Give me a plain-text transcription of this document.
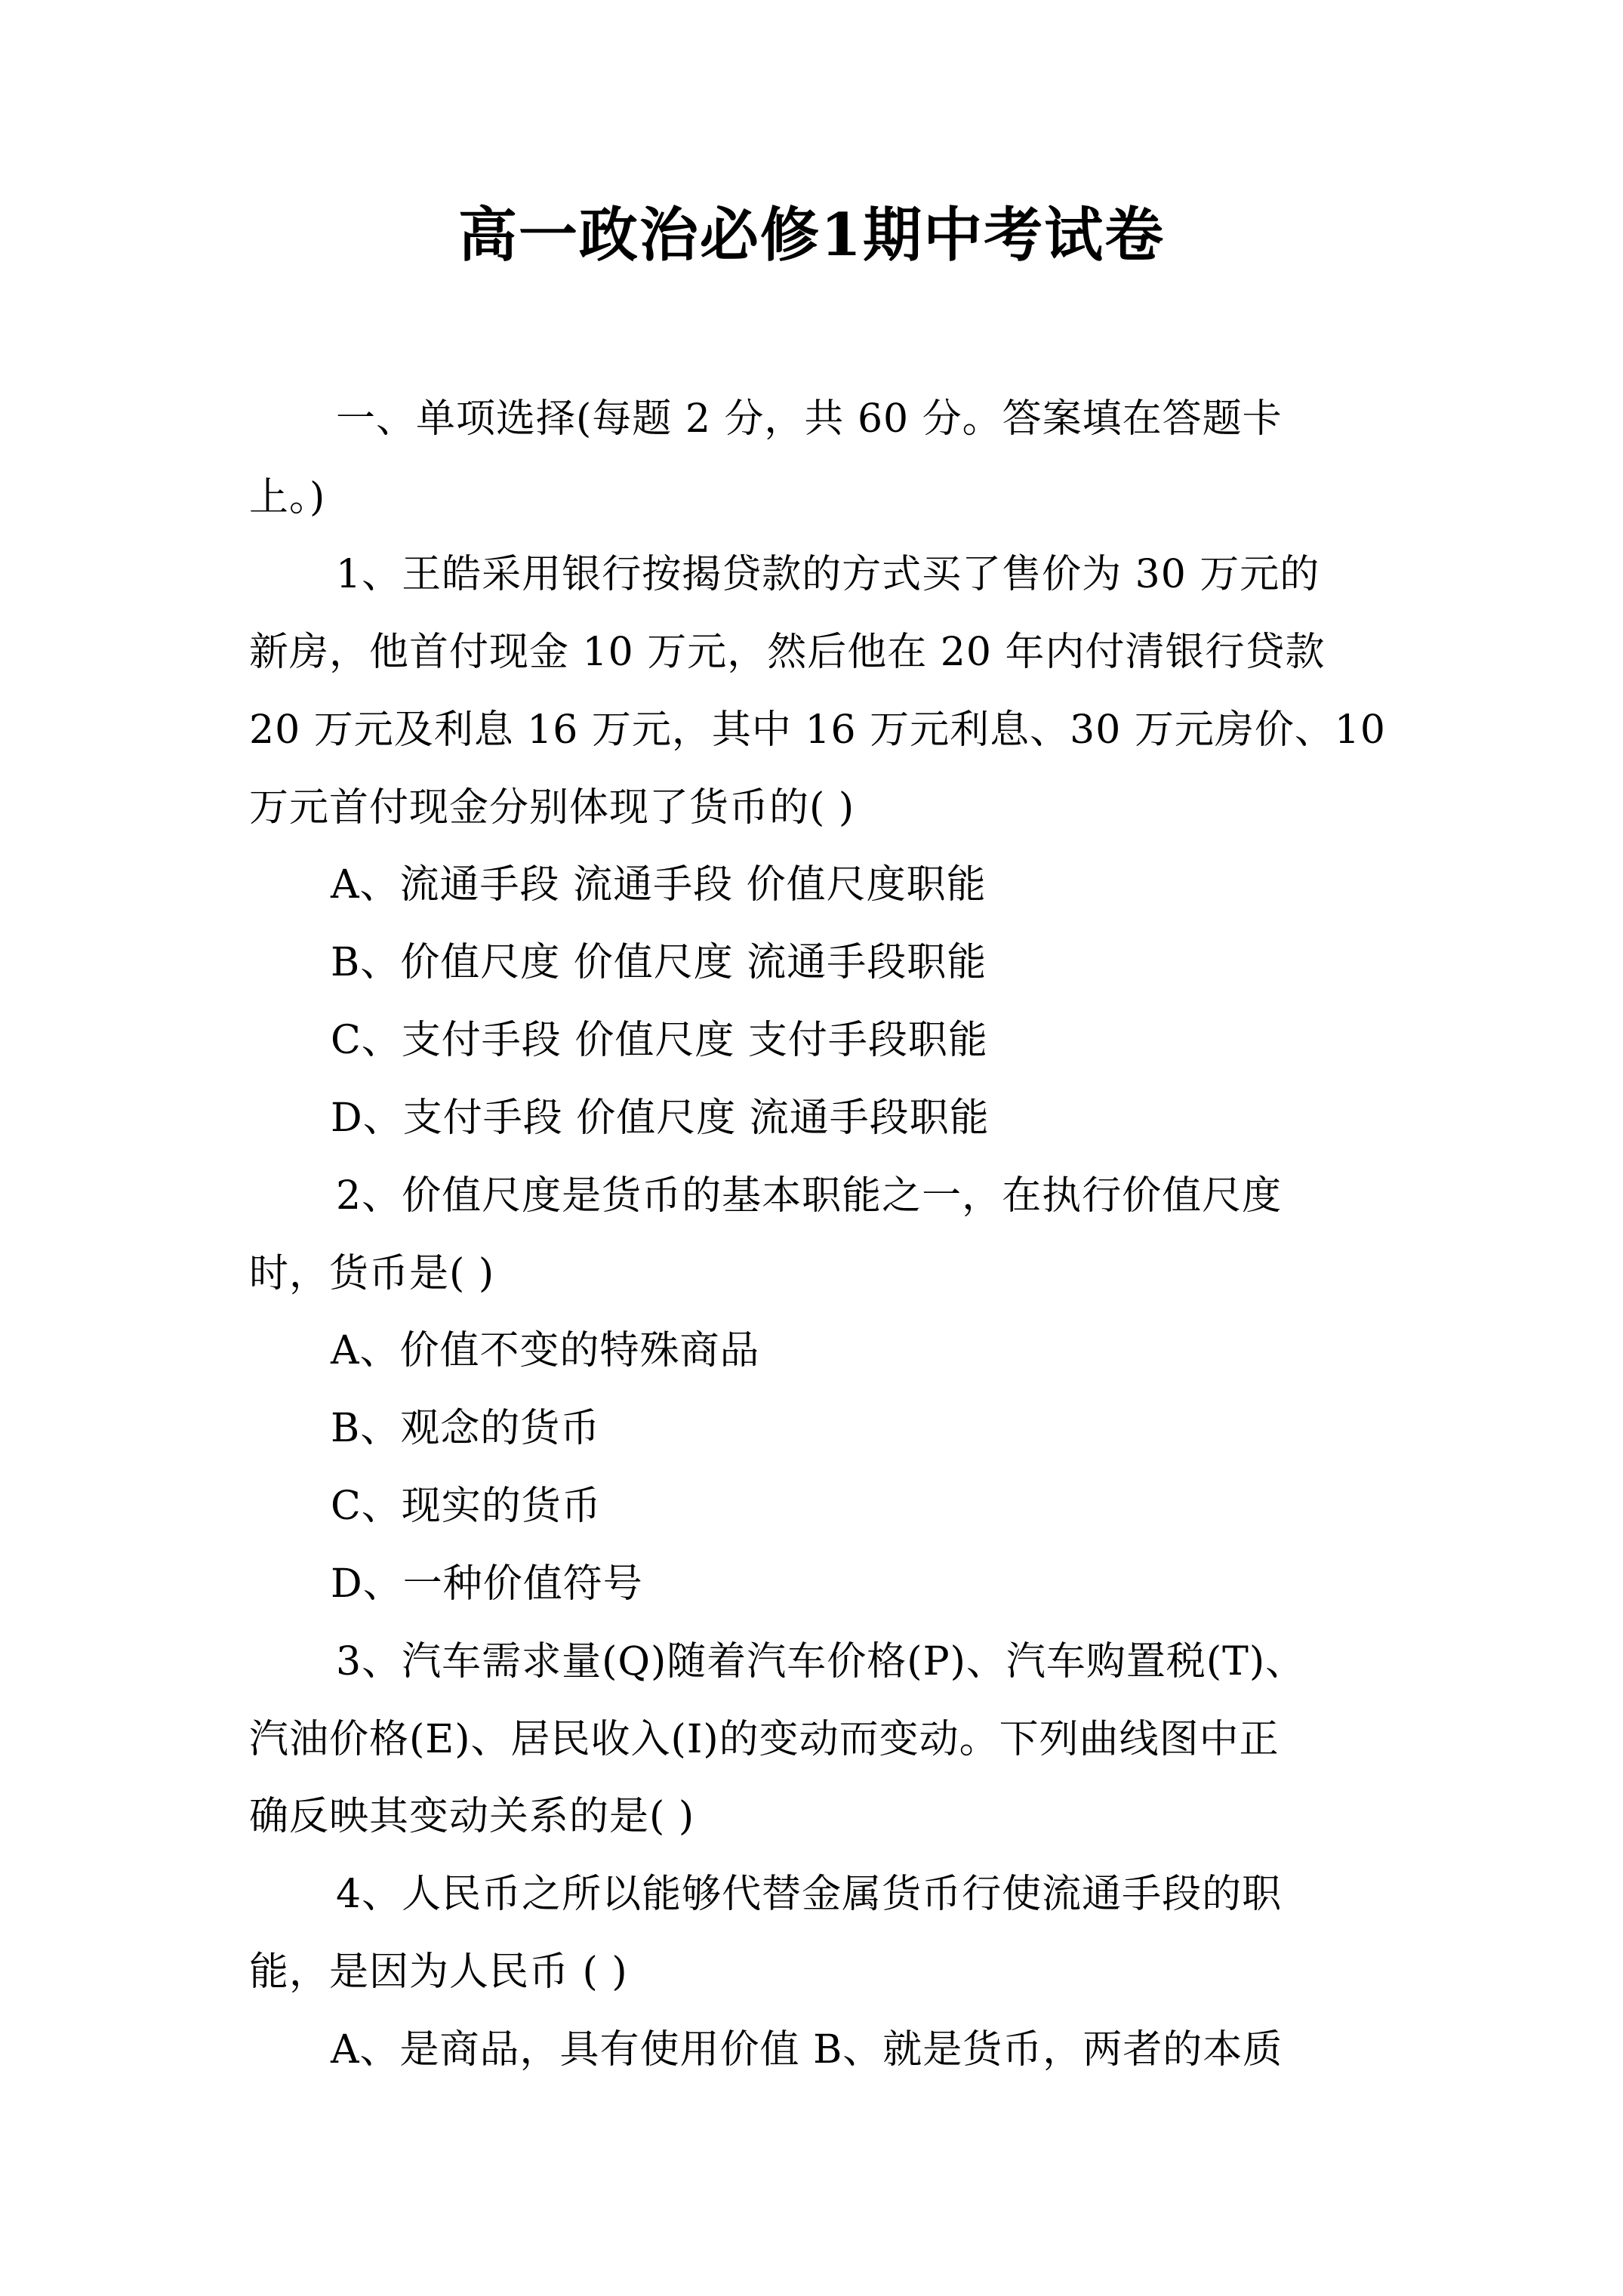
高一政治必修1期中考试卷
一、单项选择(每题 2 分，共 60 分。答案填在答题卡
上。)
1、王皓采用银行按揭贷款的方式买了售价为 30 万元的
新房，他首付现金 10 万元，然后他在 20 年内付清银行贷款
20 万元及利息 16 万元，其中 16 万元利息、30 万元房价、10
万元首付现金分别体现了货币的( )
A、流通手段 流通手段 价值尺度职能
B、价值尺度 价值尺度 流通手段职能
C、支付手段 价值尺度 支付手段职能
D、支付手段 价值尺度 流通手段职能
2、价值尺度是货币的基本职能之一，在执行价值尺度
时，货币是( )
A、价值不变的特殊商品
B、观念的货币
C、现实的货币
D、一种价值符号
3、汽车需求量(Q)随着汽车价格(P)、汽车购置税(T)、
汽油价格(E)、居民收入(I)的变动而变动。下列曲线图中正
确反映其变动关系的是( )
4、人民币之所以能够代替金属货币行使流通手段的职
能，是因为人民币 ( )
A、是商品，具有使用价值 B、就是货币，两者的本质
